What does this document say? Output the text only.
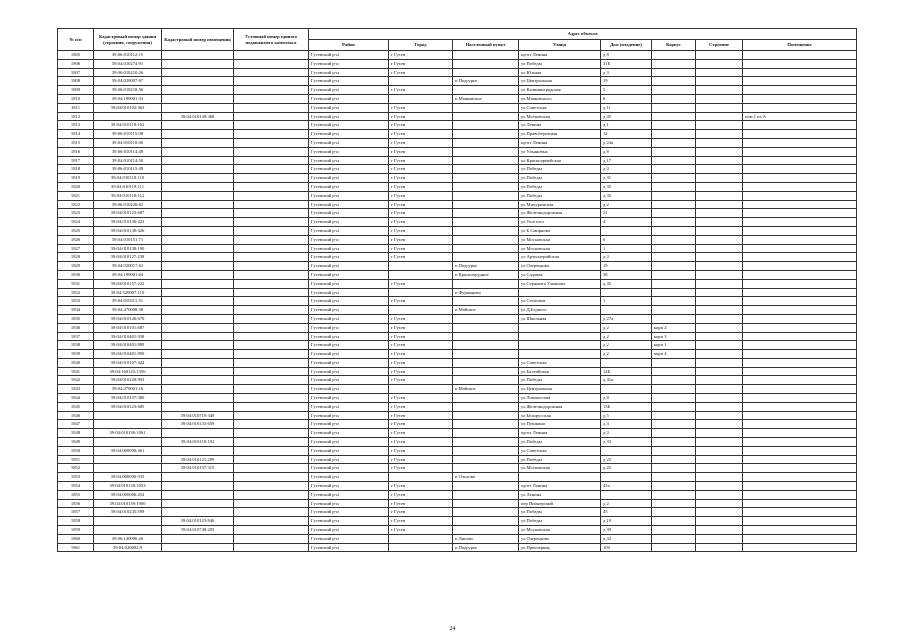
№ п/п	Кадастровый номер здания (строения, сооружения)	Кадастровый номер помещения	Условный номер единого недвижимого комплекса	Адрес объекта							
				Район	Город	Населенный пункт	Улица	Дом (владение)	Корпус	Строение	Помещение
1805	39:06:010112:15			Гусевский р-н	г Гусев		пр-кт Ленина	д 8			
1806	39:04:010274:91			Гусевский р-н	г Гусев		ул Победы	31Б			
1807	39:06:010210:26			Гусевский р-н	г Гусев		ул Южная	д 3			
1808	39:04:020007:67			Гусевский р-н		п Подгурье	ул Центральная	19			
1809	39:06:010218:56			Гусевский р-н	г Гусев		ул Калининградская	5			
1810	39:04:180001:33			Гусевский р-н		п Маяковское	ул Маяковского	6			
1811	39:04:010102:363			Гусевский р-н	г Гусев		ул Советская	д 11			
1812		39:04:010139:368		Гусевский р-н	г Гусев		ул Московская	д 45			пом.1 из А
1813	39:04:010118:162			Гусевский р-н	г Гусев		ул Ленина	д 1			
1814	39:06:010115:08			Гусевский р-н	г Гусев		ул Правобережная	12			
1815	39:04:010118:06			Гусевский р-н	г Гусев		пр-кт Ленина	д 24а			
1816	39:06:010114:48			Гусевский р-н	г Гусев		ул Ульяновых	д 8			
1817	39:04:010114:50			Гусевский р-н	г Гусев		ул Красноармейская	д 17			
1818	39:06:010115:49			Гусевский р-н	г Гусев		ул Победы	д 4			
1819	39:04:010118:110			Гусевский р-н	г Гусев		ул Победы	д 31			
1820	39:04:010118:111			Гусевский р-н	г Гусев		ул Победы	д 35			
1821	39:04:010118:112			Гусевский р-н	г Гусев		ул Победы	д 35			
1822	39:06:010226:62			Гусевский р-н	г Гусев		ул Мичуринская	д 2			
1823	39:04:010123:687			Гусевский р-н	г Гусев		ул Железнодорожная	21			
1824	39:04:010136:423			Гусевский р-н	г Гусев		ул Толстого	4			
1825	39:04:010130:426			Гусевский р-н	г Гусев		ул Б.Смирнова				
1826	39:04:010151:71			Гусевский р-н	г Гусев		ул Московская	6			
1827	39:04:010138:190			Гусевский р-н	г Гусев		ул Московская	1			
1828	39:04:010127:238			Гусевский р-н	г Гусев		ул Артиллерийская	д 3			
1829	39:04:020017:62			Гусевский р-н		п Подгурье	ул Озерецкова	19			
1830	39:04:180001:64			Гусевский р-н		п Краснопрудное	ул Садовая	38			
1831	39:04:010157:222			Гусевский р-н	г Гусев		ул Сержанта Ульянова	д 45			
1832	39:04:520007:119			Гусевский р-н		п Фурманово					
1833	39:04:010211:51			Гусевский р-н	г Гусев		ул Сосновая	1			
1834	39:04:470008:30			Гусевский р-н		п Майское	ул Д.Бедного				
1835	39:04:010126:670			Гусевский р-н	г Гусев		ул Школьная	д 27а			
1836	39:04:010101:687			Гусевский р-н	г Гусев			д 2	корп 2		
1837	39:04:010401:938			Гусевский р-н	г Гусев			д 2	корп 3		
1838	39:04:010401:889			Гусевский р-н	г Гусев			д 2	корп 1		
1839	39:04:010401:890			Гусевский р-н	г Гусев			д 2	корп 4		
1840	39:04:010107:422			Гусевский р-н	г Гусев		ул Советская				
1841	39:04:160143:1356			Гусевский р-н	г Гусев		ул Балтийская	12Б			
1842	39:04:010228:993			Гусевский р-н	г Гусев		ул Победы	д 41а			
1843	39:04:470001:16			Гусевский р-н		п Майское	ул Центральная				
1844	39:04:010137:380			Гусевский р-н	г Гусев		ул Ломоносова	д 8			
1845	39:04:010123:685			Гусевский р-н	г Гусев		ул Железнодорожная	13Б			
1846		39:04:010719:349		Гусевский р-н	г Гусев		ул Белорусская	д 5			
1847		39:04:010133:659		Гусевский р-н	г Гусев		ул Пушкина	д 3			
1848	39:04:010136:1061			Гусевский р-н	г Гусев		пр-кт Ленина	д 3			
1849		39:04:010118:192		Гусевский р-н	г Гусев		ул Победы	д 33			
1850	39:04:000000:461			Гусевский р-н	г Гусев		ул Советская				
1851		39:04:010121:289		Гусевский р-н	г Гусев		ул Победы	д 25			
1852		39:04:010137:315		Гусевский р-н	г Гусев		ул Московская	д 25			
1853	39:04:000000:935			Гусевский р-н		п Ольхово					
1854	39:04:010130:1053			Гусевский р-н	г Гусев		пр-кт Ленина	41а			
1855	39:04:000006:454			Гусевский р-н	г Гусев		ул Ленина				
1856	39:04:010139:1900			Гусевский р-н	г Гусев		пер Пионерский	д 2			
1857	39:04:010235:599			Гусевский р-н	г Гусев		ул Победы	45			
1858		39:04:010123:846		Гусевский р-н	г Гусев		ул Победы	д 19			
1859		39:04:010749:205		Гусевский р-н	г Гусев		ул Московская	д 39			
1860	39:06:140006:26			Гусевский р-н		п Липово	ул Озерецкова	д 42			
1861	39:04:020002:9			Гусевский р-н		п Подгурье	ул Приозерная	10б			
24
